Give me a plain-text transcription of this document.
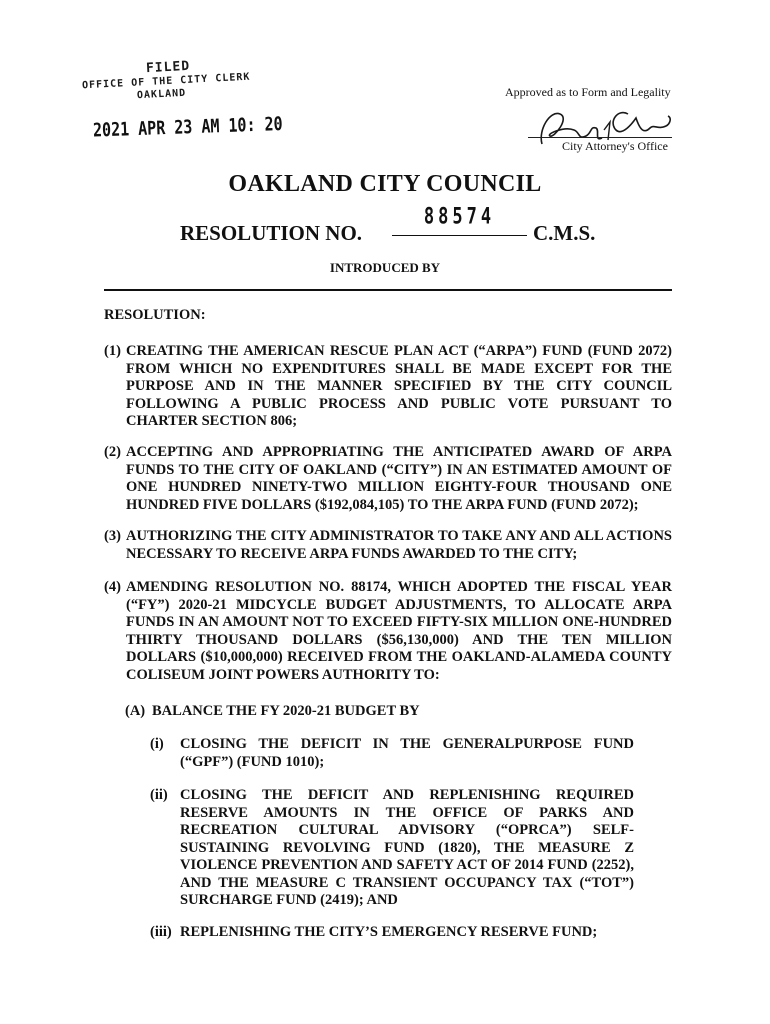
FILED
OFFICE OF THE CITY CLERK
OAKLAND
2021 APR 23 AM 10: 20
Approved as to Form and Legality
City Attorney's Office
OAKLAND CITY COUNCIL
RESOLUTION NO.
88574
C.M.S.
INTRODUCED BY
RESOLUTION:
(1) CREATING THE AMERICAN RESCUE PLAN ACT (“ARPA”) FUND (FUND 2072) FROM WHICH NO EXPENDITURES SHALL BE MADE EXCEPT FOR THE PURPOSE AND IN THE MANNER SPECIFIED BY THE CITY COUNCIL FOLLOWING A PUBLIC PROCESS AND PUBLIC VOTE PURSUANT TO CHARTER SECTION 806;
(2) ACCEPTING AND APPROPRIATING THE ANTICIPATED AWARD OF ARPA FUNDS TO THE CITY OF OAKLAND (“CITY”) IN AN ESTIMATED AMOUNT OF ONE HUNDRED NINETY-TWO MILLION EIGHTY-FOUR THOUSAND ONE HUNDRED FIVE DOLLARS ($192,084,105) TO THE ARPA FUND (FUND 2072);
(3) AUTHORIZING THE CITY ADMINISTRATOR TO TAKE ANY AND ALL ACTIONS NECESSARY TO RECEIVE ARPA FUNDS AWARDED TO THE CITY;
(4) AMENDING RESOLUTION NO. 88174, WHICH ADOPTED THE FISCAL YEAR (“FY”) 2020-21 MIDCYCLE BUDGET ADJUSTMENTS, TO ALLOCATE ARPA FUNDS IN AN AMOUNT NOT TO EXCEED FIFTY-SIX MILLION ONE-HUNDRED THIRTY THOUSAND DOLLARS ($56,130,000) AND THE TEN MILLION DOLLARS ($10,000,000) RECEIVED FROM THE OAKLAND-ALAMEDA COUNTY COLISEUM JOINT POWERS AUTHORITY TO:
(A) BALANCE THE FY 2020-21 BUDGET BY
(i) CLOSING THE DEFICIT IN THE GENERALPURPOSE FUND (“GPF”) (FUND 1010);
(ii) CLOSING THE DEFICIT AND REPLENISHING REQUIRED RESERVE AMOUNTS IN THE OFFICE OF PARKS AND RECREATION CULTURAL ADVISORY (“OPRCA”) SELF-SUSTAINING REVOLVING FUND (1820), THE MEASURE Z VIOLENCE PREVENTION AND SAFETY ACT OF 2014 FUND (2252), AND THE MEASURE C TRANSIENT OCCUPANCY TAX (“TOT”) SURCHARGE FUND (2419); AND
(iii) REPLENISHING THE CITY’S EMERGENCY RESERVE FUND;
